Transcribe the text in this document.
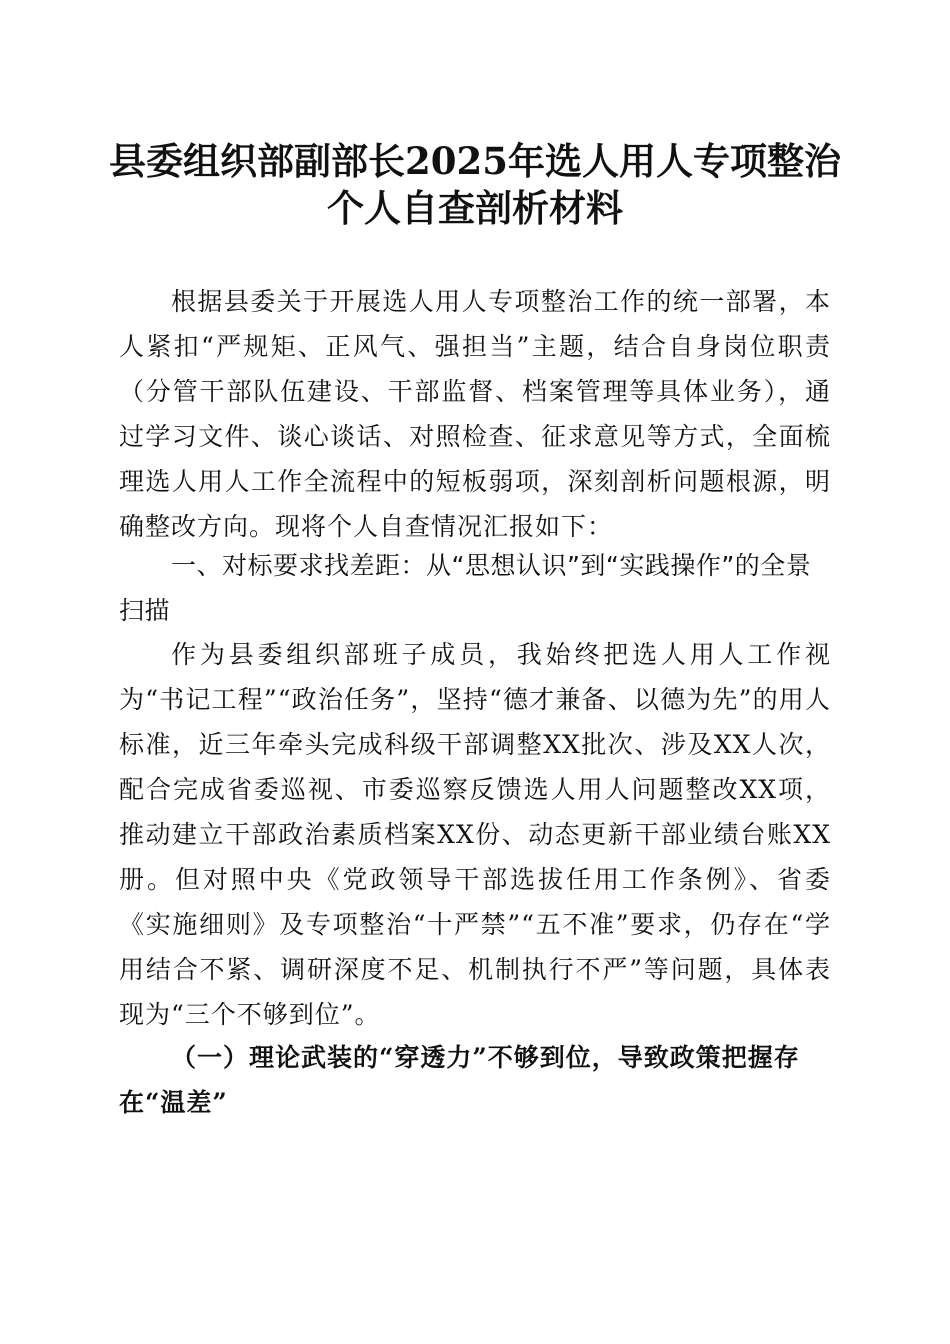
县委组织部副部长2025年选人用人专项整治
个人自查剖析材料

根据县委关于开展选人用人专项整治工作的统一部署，本人紧扣“严规矩、正风气、强担当”主题，结合自身岗位职责（分管干部队伍建设、干部监督、档案管理等具体业务），通过学习文件、谈心谈话、对照检查、征求意见等方式，全面梳理选人用人工作全流程中的短板弱项，深刻剖析问题根源，明确整改方向。现将个人自查情况汇报如下：

一、对标要求找差距：从“思想认识”到“实践操作”的全景扫描

作为县委组织部班子成员，我始终把选人用人工作视为“书记工程”“政治任务”，坚持“德才兼备、以德为先”的用人标准，近三年牵头完成科级干部调整XX批次、涉及XX人次，配合完成省委巡视、市委巡察反馈选人用人问题整改XX项，推动建立干部政治素质档案XX份、动态更新干部业绩台账XX册。但对照中央《党政领导干部选拔任用工作条例》、省委《实施细则》及专项整治“十严禁”“五不准”要求，仍存在“学用结合不紧、调研深度不足、机制执行不严”等问题，具体表现为“三个不够到位”。

（一）理论武装的“穿透力”不够到位，导致政策把握存在“温差”
